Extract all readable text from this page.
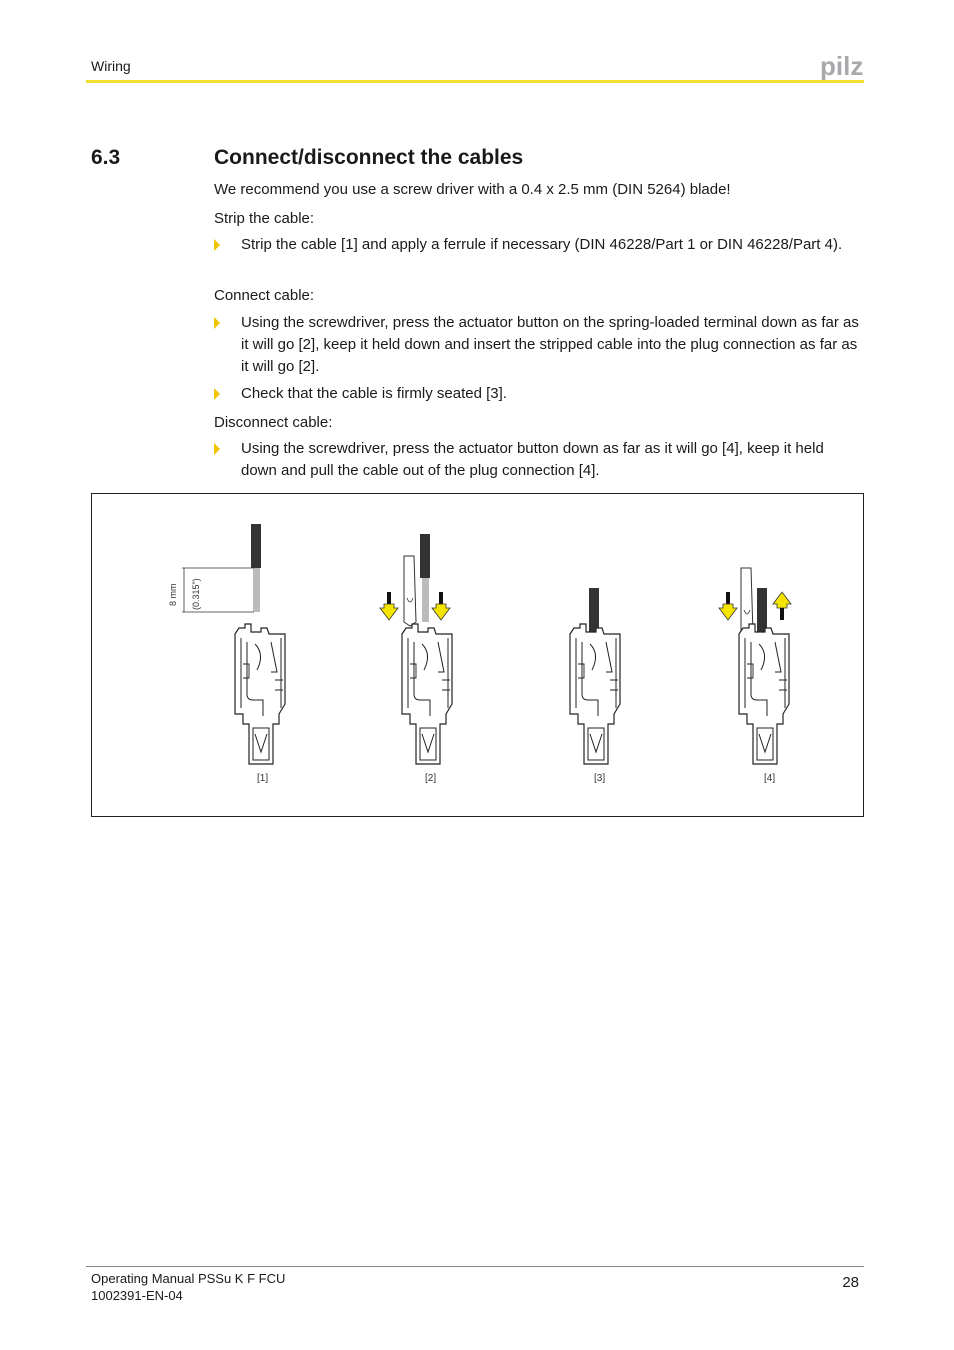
Wiring	pilz
6.3	Connect/disconnect the cables
We recommend you use a screw driver with a 0.4 x 2.5 mm (DIN 5264) blade!
Strip the cable:
Strip the cable [1] and apply a ferrule if necessary (DIN 46228/Part 1 or DIN 46228/Part 4).
Connect cable:
Using the screwdriver, press the actuator button on the spring-loaded terminal down as far as it will go [2], keep it held down and insert the stripped cable into the plug connection as far as it will go [2].
Check that the cable is firmly seated [3].
Disconnect cable:
Using the screwdriver, press the actuator button down as far as it will go [4], keep it held down and pull the cable out of the plug connection [4].
8 mm (0.315")
[1]	[2]	[3]	[4]
Operating Manual PSSu K F FCU
1002391-EN-04
28
